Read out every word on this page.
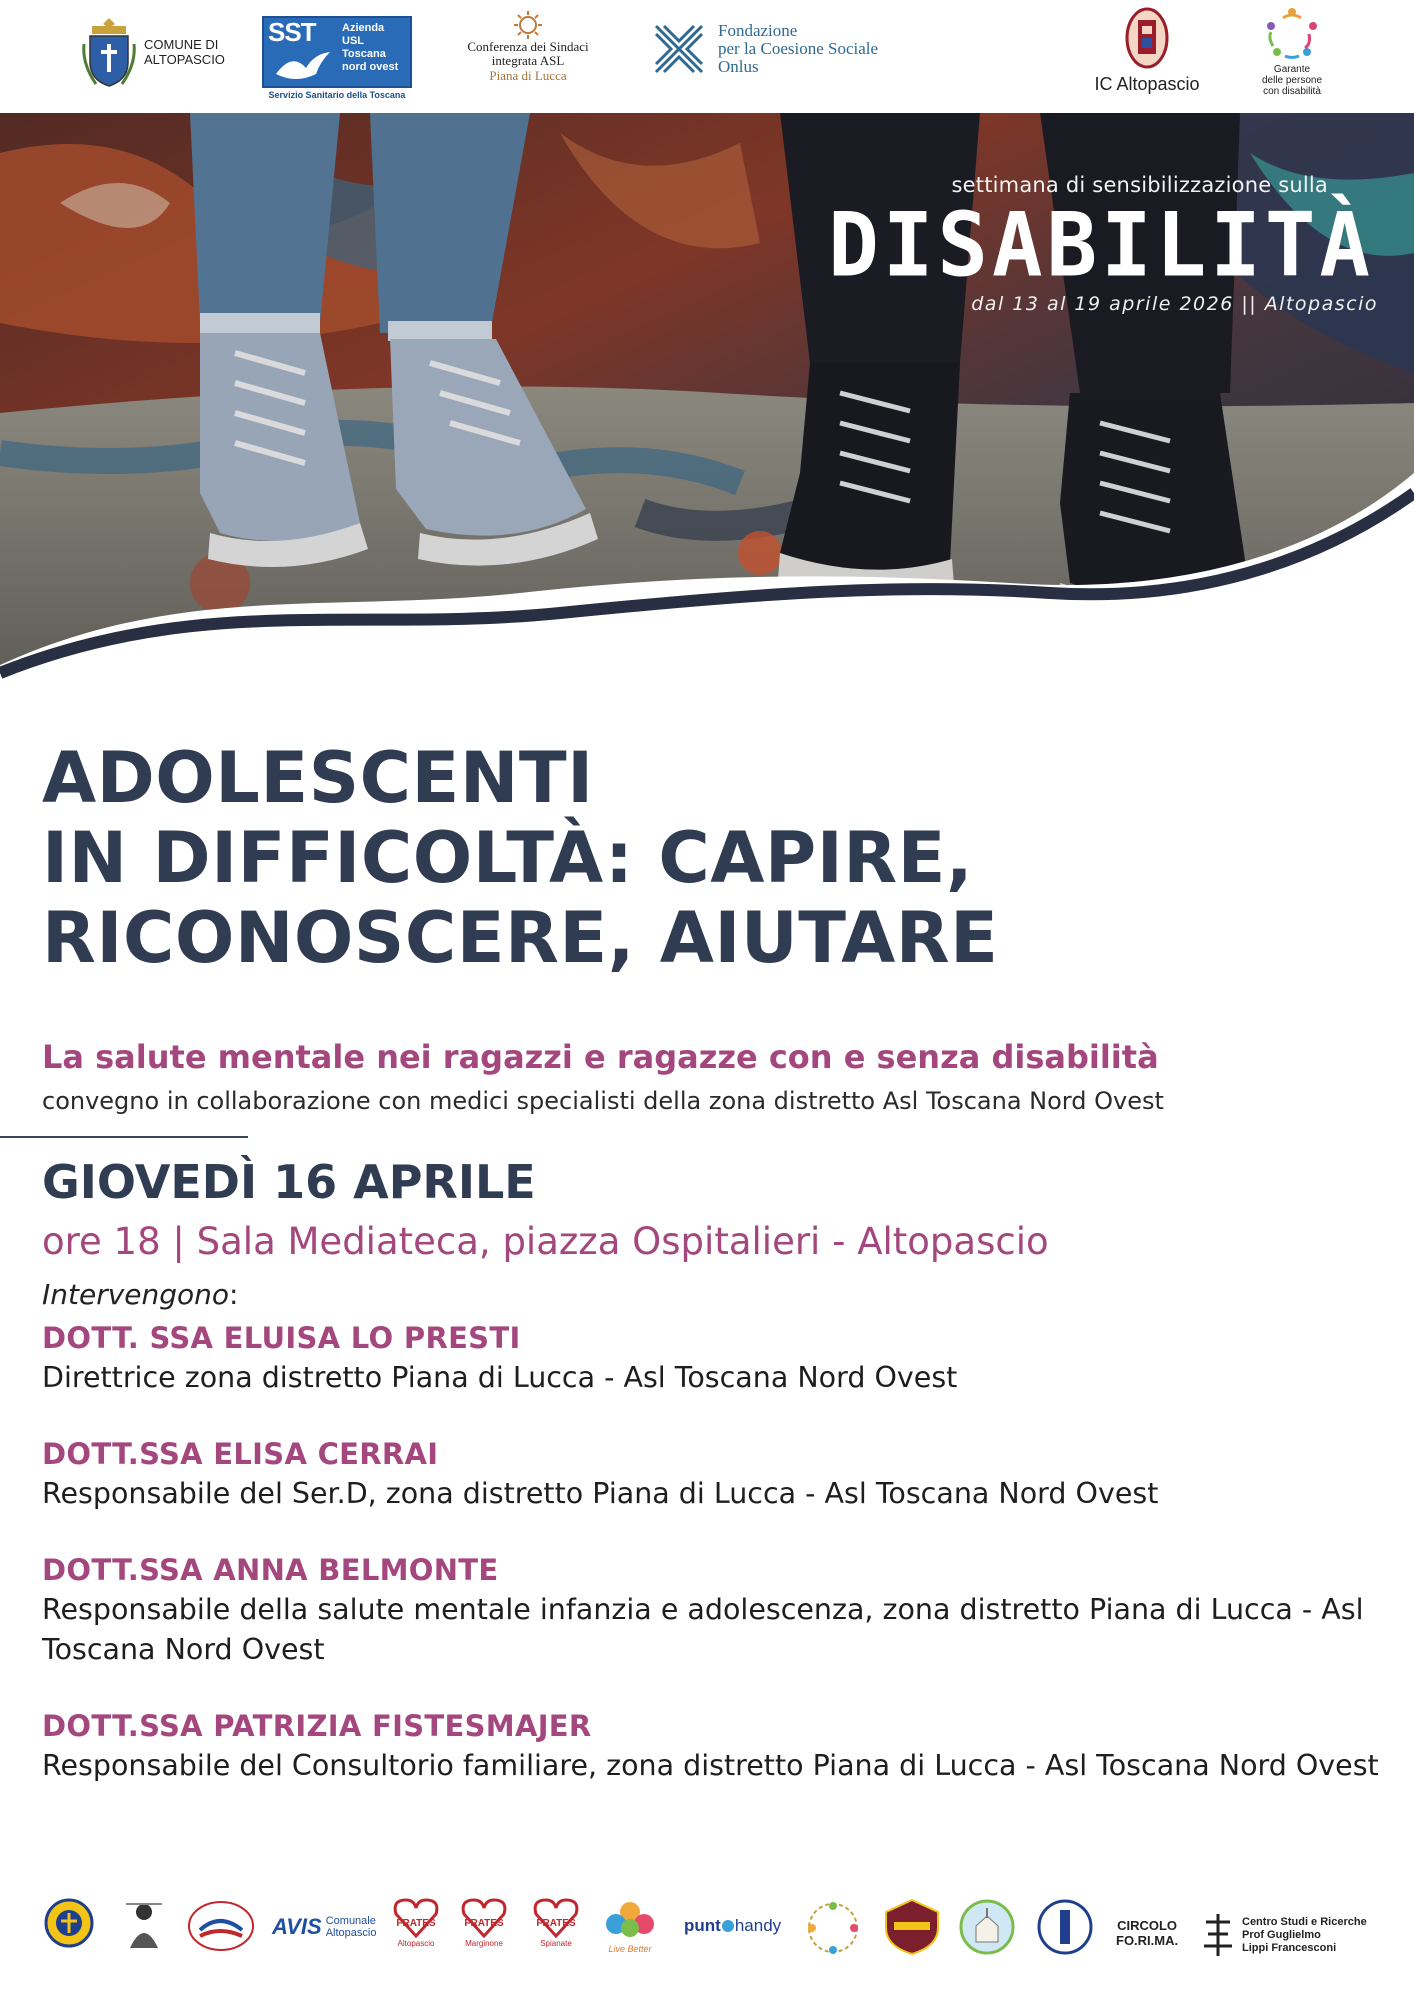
COMUNE DI
ALTOPASCIO
SST Azienda
USL
Toscana
nord ovest
Servizio Sanitario della Toscana
Conferenza dei Sindaci
integrata ASL
Piana di Lucca
Fondazione
per la Coesione Sociale
Onlus
IC Altopascio
Garante
delle persone
con disabilità
settimana di sensibilizzazione sulla
DISABILITÀ
dal 13 al 19 aprile 2026 || Altopascio
ADOLESCENTI
IN DIFFICOLTÀ: CAPIRE,
RICONOSCERE, AIUTARE
La salute mentale nei ragazzi e ragazze con e senza disabilità
convegno in collaborazione con medici specialisti della zona distretto Asl Toscana Nord Ovest
GIOVEDÌ 16 APRILE
ore 18 | Sala Mediateca, piazza Ospitalieri - Altopascio
Intervengono:
DOTT. SSA ELUISA LO PRESTI
Direttrice zona distretto Piana di Lucca - Asl Toscana Nord Ovest
DOTT.SSA ELISA CERRAI
Responsabile del Ser.D, zona distretto Piana di Lucca - Asl Toscana Nord Ovest
DOTT.SSA ANNA BELMONTE
Responsabile della salute mentale infanzia e adolescenza, zona distretto Piana di Lucca - Asl Toscana Nord Ovest
DOTT.SSA PATRIZIA FISTESMAJER
Responsabile del Consultorio familiare, zona distretto Piana di Lucca - Asl Toscana Nord Ovest
AVIS Comunale
Altopascio
FRATES
Altopascio
FRATES
Marginone
FRATES
Spianate
Live Better
punt handy	CIRCOLO
FO.RI.MA.
Centro Studi e Ricerche
Prof Guglielmo
Lippi Francesconi
